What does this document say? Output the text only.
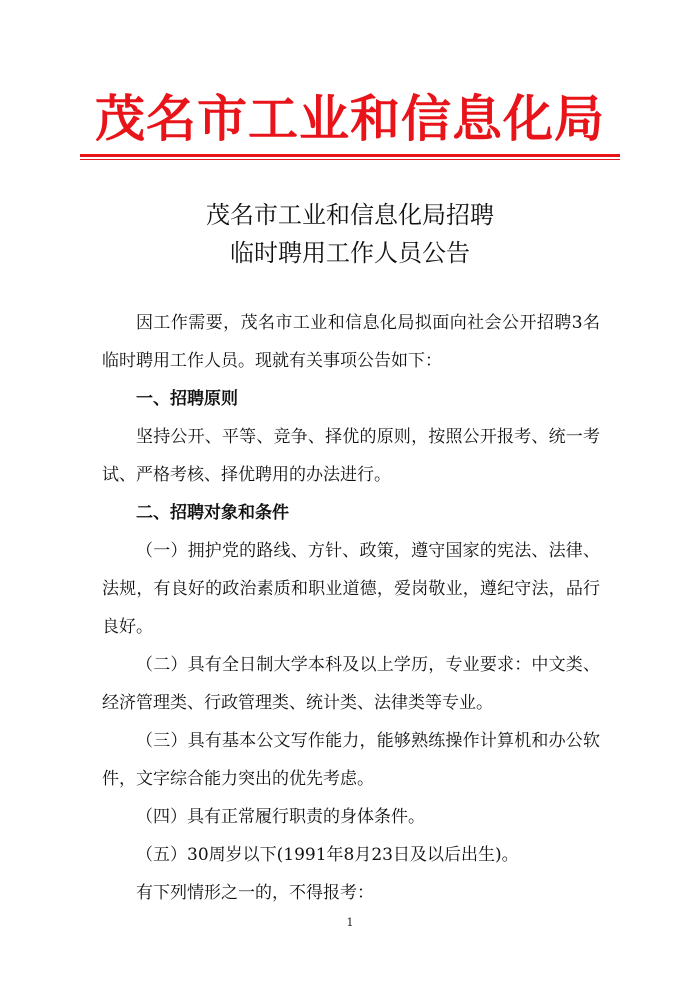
茂名市工业和信息化局
茂名市工业和信息化局招聘
临时聘用工作人员公告

因工作需要，茂名市工业和信息化局拟面向社会公开招聘3名临时聘用工作人员。现就有关事项公告如下：

一、招聘原则

坚持公开、平等、竞争、择优的原则，按照公开报考、统一考试、严格考核、择优聘用的办法进行。

二、招聘对象和条件

（一）拥护党的路线、方针、政策，遵守国家的宪法、法律、法规，有良好的政治素质和职业道德，爱岗敬业，遵纪守法，品行良好。

（二）具有全日制大学本科及以上学历，专业要求：中文类、经济管理类、行政管理类、统计类、法律类等专业。

（三）具有基本公文写作能力，能够熟练操作计算机和办公软件，文字综合能力突出的优先考虑。

（四）具有正常履行职责的身体条件。

（五）30周岁以下(1991年8月23日及以后出生)。

有下列情形之一的，不得报考：

1
